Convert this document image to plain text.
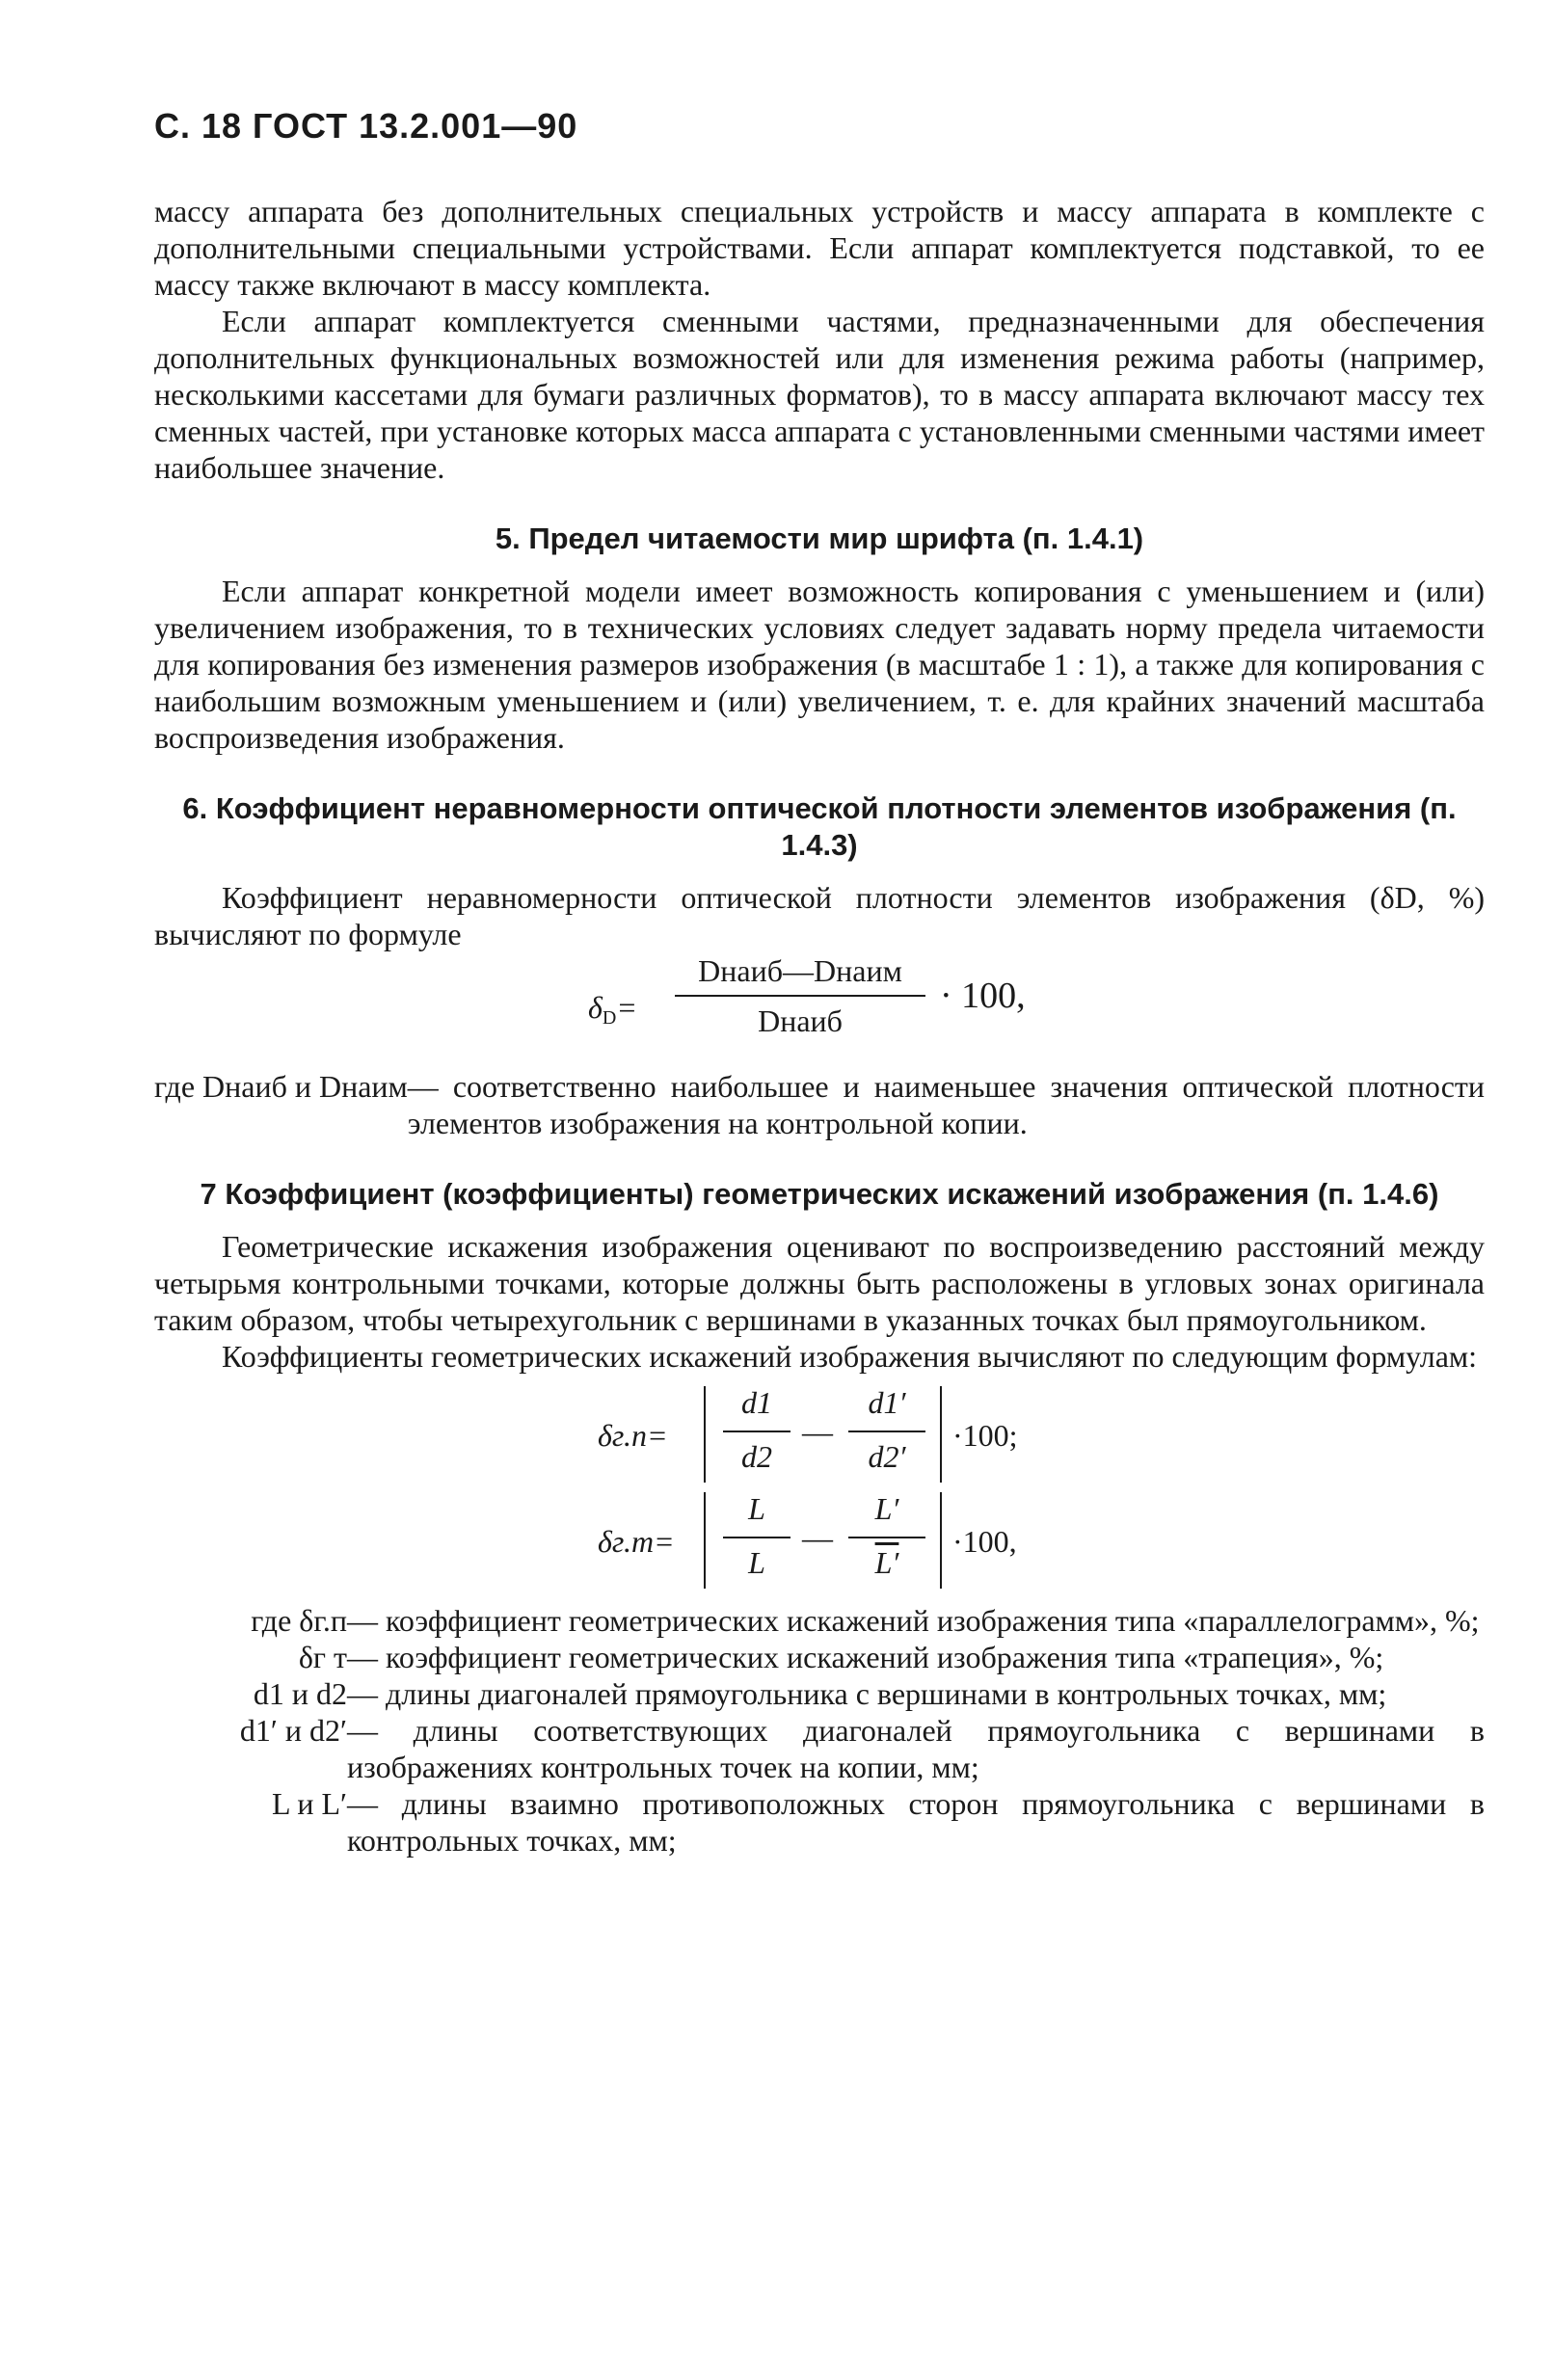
С. 18 ГОСТ 13.2.001—90

массу аппарата без дополнительных специальных устройств и массу аппарата в комплекте с дополнительными специальными устройствами. Если аппарат комплектуется подставкой, то ее массу также включают в массу комплекта.

Если аппарат комплектуется сменными частями, предназначенными для обеспечения дополнительных функциональных возможностей или для изменения режима работы (например, несколькими кассетами для бумаги различных форматов), то в массу аппарата включают массу тех сменных частей, при установке которых масса аппарата с установленными сменными частями имеет наибольшее значение.

5. Предел читаемости мир шрифта (п. 1.4.1)

Если аппарат конкретной модели имеет возможность копирования с уменьшением и (или) увеличением изображения, то в технических условиях следует задавать норму предела читаемости для копирования без изменения размеров изображения (в масштабе 1 : 1), а также для копирования с наибольшим возможным уменьшением и (или) увеличением, т. е. для крайних значений масштаба воспроизведения изображения.

6. Коэффициент неравномерности оптической плотности элементов изображения (п. 1.4.3)

Коэффициент неравномерности оптической плотности элементов изображения (δD, %) вычисляют по формуле

$\delta_D=$
Dнаиб—Dнаим
Dнаиб
· 100,
где Dнаиб и Dнаим	— соответственно наибольшее и наименьшее значения оптической плотности элементов изображения на контрольной копии.
7 Коэффициент (коэффициенты) геометрических искажений изображения (п. 1.4.6)

Геометрические искажения изображения оценивают по воспроизведению расстояний между четырьмя контрольными точками, которые должны быть расположены в угловых зонах оригинала таким образом, чтобы четырехугольник с вершинами в указанных точках был прямоугольником.

Коэффициенты геометрических искажений изображения вычисляют по следующим формулам:

δг.п=
d1
d2
—
d1′
d2′
·100;
δг.т=
L
L
—
L′
L′
·100,
где δг.п	— коэффициент геометрических искажений изображения типа «параллелограмм», %;
δг т	— коэффициент геометрических искажений изображения типа «трапеция», %;
d1 и d2	— длины диагоналей прямоугольника с вершинами в контрольных точках, мм;
d1′ и d2′	— длины соответствующих диагоналей прямоугольника с вершинами в изображениях контрольных точек на копии, мм;
L и L′	— длины взаимно противоположных сторон прямоугольника с вершинами в контрольных точках, мм;
